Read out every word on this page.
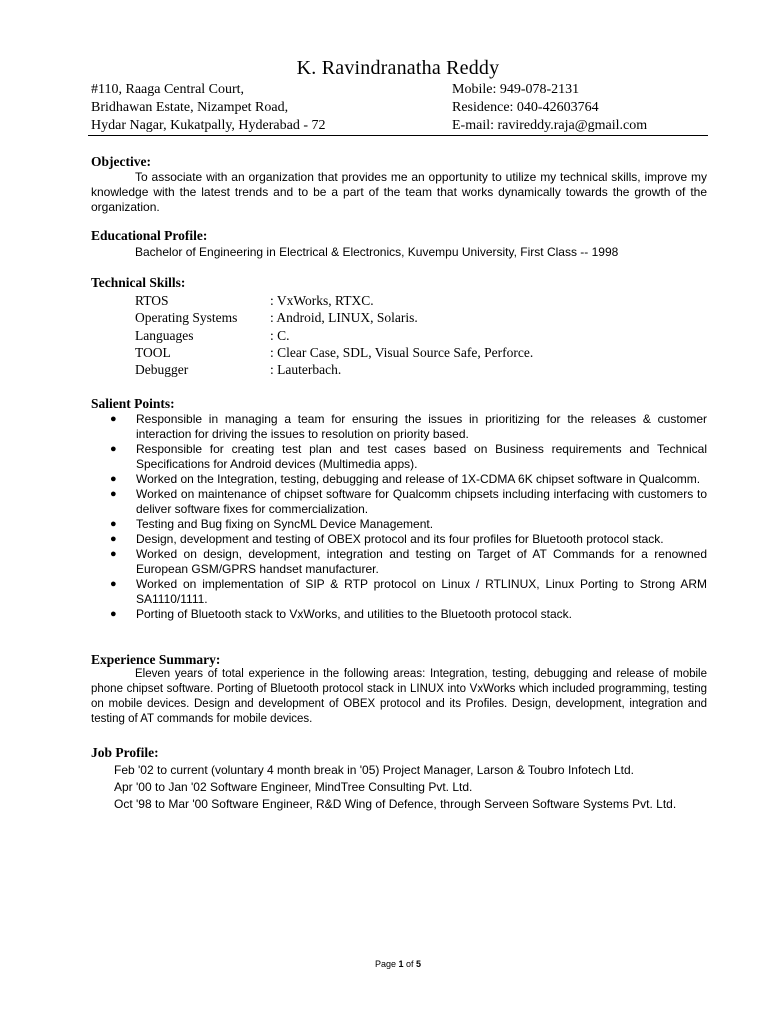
K. Ravindranatha Reddy
#110, Raaga Central Court,
Bridhawan Estate, Nizampet Road,
Hydar Nagar, Kukatpally, Hyderabad - 72
Mobile: 949-078-2131
Residence: 040-42603764
E-mail: ravireddy.raja@gmail.com
Objective:
To associate with an organization that provides me an opportunity to utilize my technical skills, improve my knowledge with the latest trends and to be a part of the team that works dynamically towards the growth of the organization.
Educational Profile:
Bachelor of Engineering in Electrical & Electronics, Kuvempu University, First Class -- 1998
Technical Skills:
RTOS	: VxWorks, RTXC.
Operating Systems	: Android, LINUX, Solaris.
Languages	: C.
TOOL	: Clear Case, SDL, Visual Source Safe, Perforce.
Debugger	: Lauterbach.
Salient Points:
●	Responsible in managing a team for ensuring the issues in prioritizing for the releases & customer interaction for driving the issues to resolution on priority based.
●	Responsible for creating test plan and test cases based on Business requirements and Technical Specifications for Android devices (Multimedia apps).
●	Worked on the Integration, testing, debugging and release of 1X-CDMA 6K chipset software in Qualcomm.
●	Worked on maintenance of chipset software for Qualcomm chipsets including interfacing with customers to deliver software fixes for commercialization.
●	Testing and Bug fixing on SyncML Device Management.
●	Design, development and testing of OBEX protocol and its four profiles for Bluetooth protocol stack.
●	Worked on design, development, integration and testing on Target of AT Commands for a renowned European GSM/GPRS handset manufacturer.
●	Worked on implementation of SIP & RTP protocol on Linux / RTLINUX, Linux Porting to Strong ARM SA1110/1111.
●	Porting of Bluetooth stack to VxWorks, and utilities to the Bluetooth protocol stack.
Experience Summary:
Eleven years of total experience in the following areas: Integration, testing, debugging and release of mobile phone chipset software. Porting of Bluetooth protocol stack in LINUX into VxWorks which included programming, testing on mobile devices. Design and development of OBEX protocol and its Profiles. Design, development, integration and testing of AT commands for mobile devices.
Job Profile:
Feb '02 to current (voluntary 4 month break in '05) Project Manager, Larson & Toubro Infotech Ltd.
Apr '00 to Jan '02 Software Engineer, MindTree Consulting Pvt. Ltd.
Oct '98 to Mar '00 Software Engineer, R&D Wing of Defence, through Serveen Software Systems Pvt. Ltd.
Page 1 of 5
